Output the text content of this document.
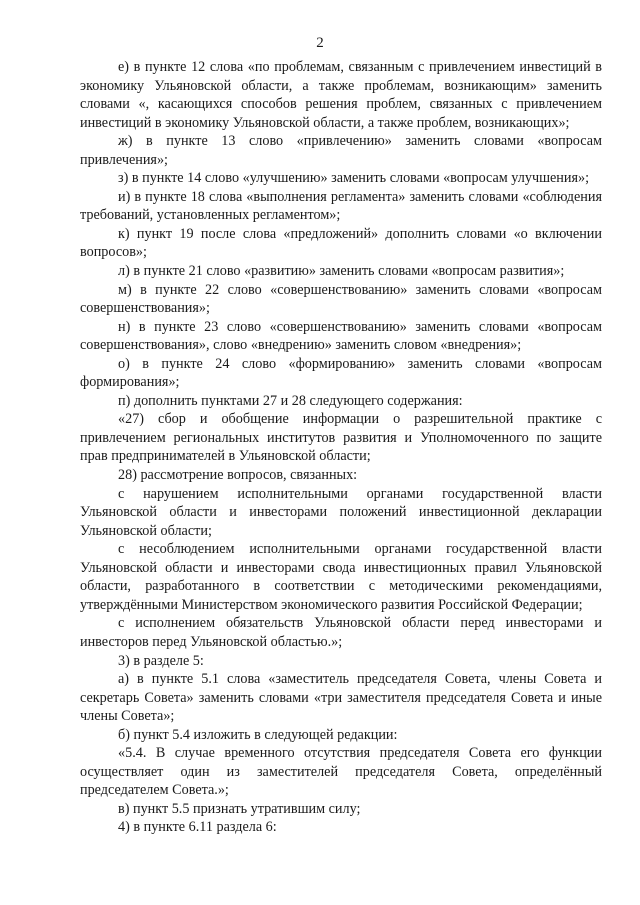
2

е) в пункте 12 слова «по проблемам, связанным с привлечением инвестиций в экономику Ульяновской области, а также проблемам, возникающим» заменить словами «, касающихся способов решения проблем, связанных с привлечением инвестиций в экономику Ульяновской области, а также проблем, возникающих»;

ж) в пункте 13 слово «привлечению» заменить словами «вопросам привлечения»;

з) в пункте 14 слово «улучшению» заменить словами «вопросам улучшения»;

и) в пункте 18 слова «выполнения регламента» заменить словами «соблюдения требований, установленных регламентом»;

к) пункт 19 после слова «предложений» дополнить словами «о включении вопросов»;

л) в пункте 21 слово «развитию» заменить словами «вопросам развития»;

м) в пункте 22 слово «совершенствованию» заменить словами «вопросам совершенствования»;

н) в пункте 23 слово «совершенствованию» заменить словами «вопросам совершенствования», слово «внедрению» заменить словом «внедрения»;

о) в пункте 24 слово «формированию» заменить словами «вопросам формирования»;

п) дополнить пунктами 27 и 28 следующего содержания:

«27) сбор и обобщение информации о разрешительной практике с привлечением региональных институтов развития и Уполномоченного по защите прав предпринимателей в Ульяновской области;

28) рассмотрение вопросов, связанных:

с нарушением исполнительными органами государственной власти Ульяновской области и инвесторами положений инвестиционной декларации Ульяновской области;

с несоблюдением исполнительными органами государственной власти Ульяновской области и инвесторами свода инвестиционных правил Ульяновской области, разработанного в соответствии с методическими рекомендациями, утверждёнными Министерством экономического развития Российской Федерации;

с исполнением обязательств Ульяновской области перед инвесторами и инвесторов перед Ульяновской областью.»;

3) в разделе 5:

а) в пункте 5.1 слова «заместитель председателя Совета, члены Совета и секретарь Совета» заменить словами «три заместителя председателя Совета и иные члены Совета»;

б) пункт 5.4 изложить в следующей редакции:

«5.4. В случае временного отсутствия председателя Совета его функции осуществляет один из заместителей председателя Совета, определённый председателем Совета.»;

в) пункт 5.5 признать утратившим силу;

4) в пункте 6.11 раздела 6:
